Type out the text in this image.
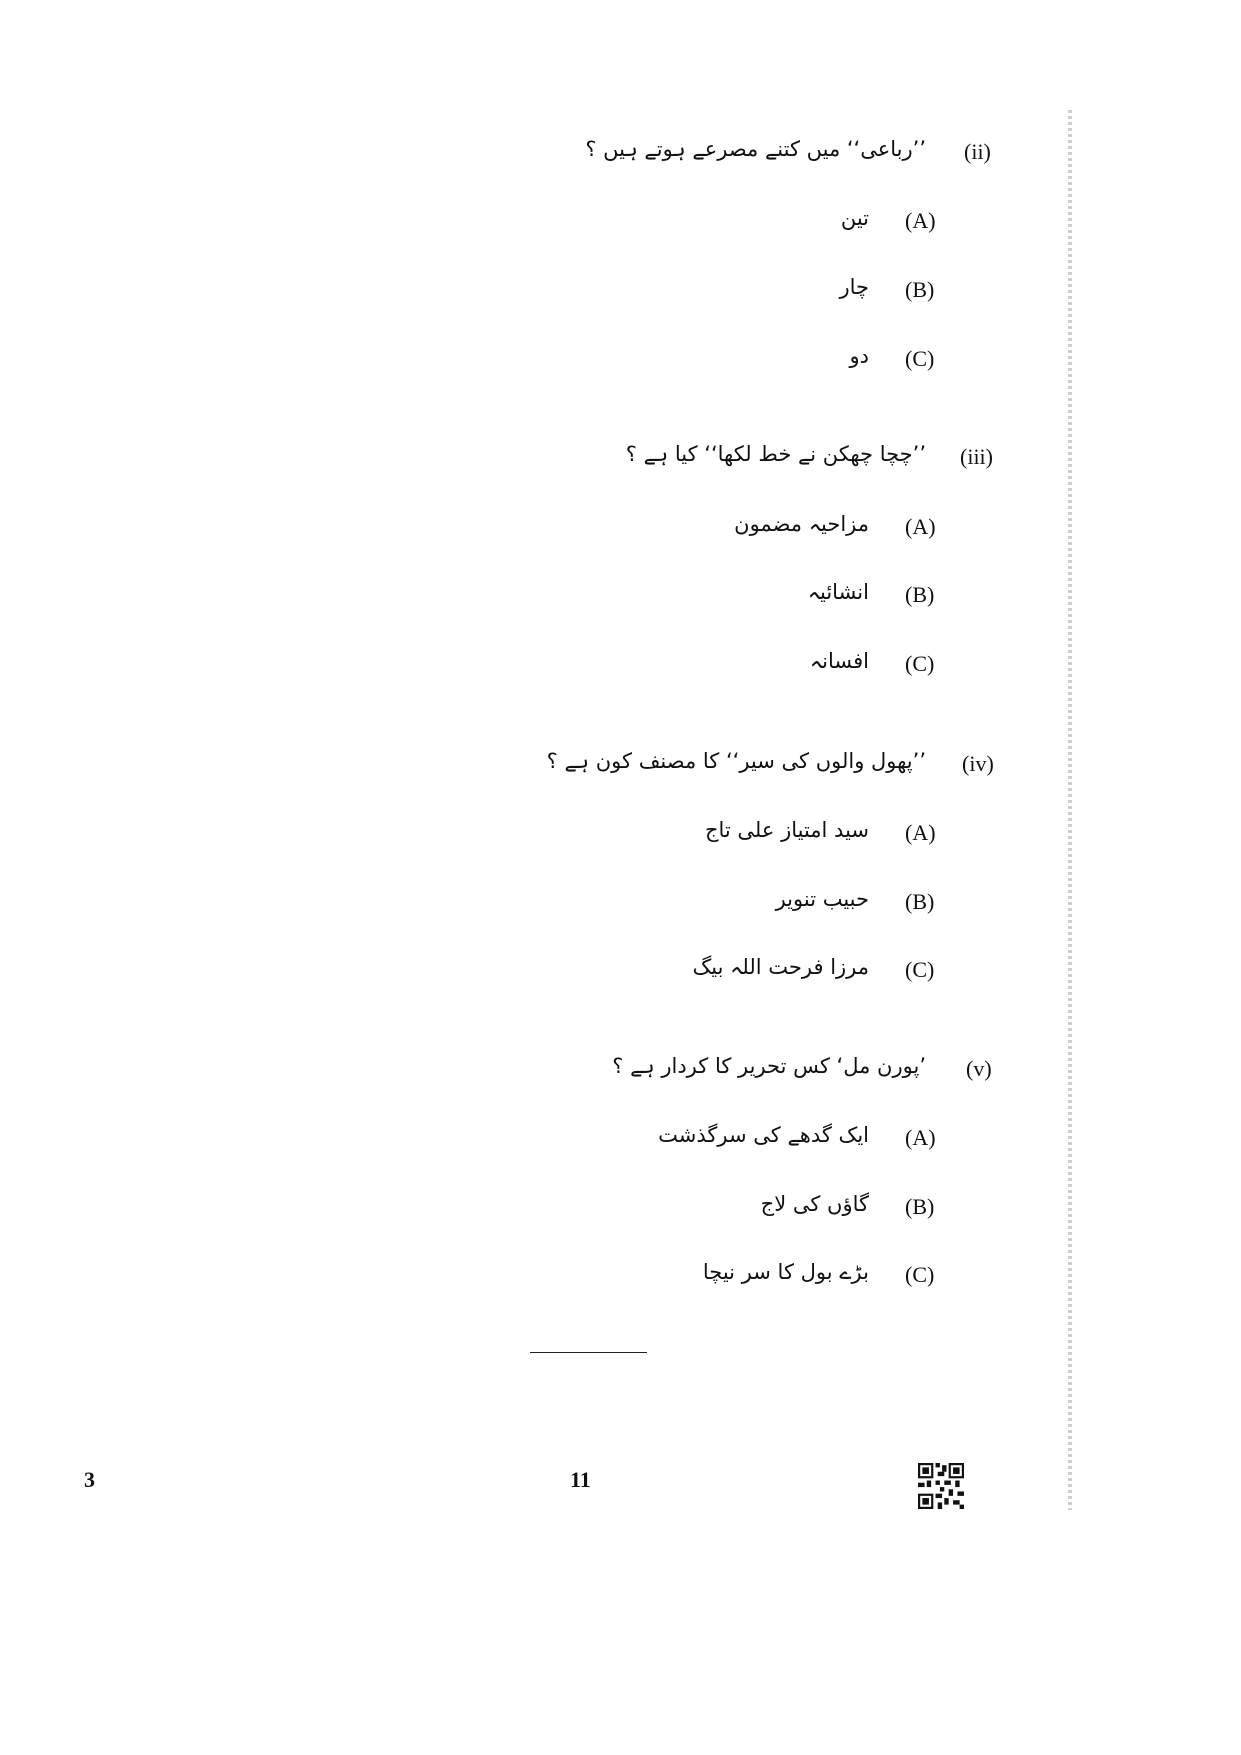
(ii)
’’رباعی‘‘ میں کتنے مصرعے ہوتے ہیں ؟
(A)
تین
(B)
چار
(C)
دو
(iii)
’’چچا چھکن نے خط لکھا‘‘ کیا ہے ؟
(A)
مزاحیہ مضمون
(B)
انشائیہ
(C)
افسانہ
(iv)
’’پھول والوں کی سیر‘‘ کا مصنف کون ہے ؟
(A)
سید امتیاز علی تاج
(B)
حبیب تنویر
(C)
مرزا فرحت اللہ بیگ
(v)
’پورن مل‘ کس تحریر کا کردار ہے ؟
(A)
ایک گدھے کی سرگذشت
(B)
گاؤں کی لاج
(C)
بڑے بول کا سر نیچا
3	11
